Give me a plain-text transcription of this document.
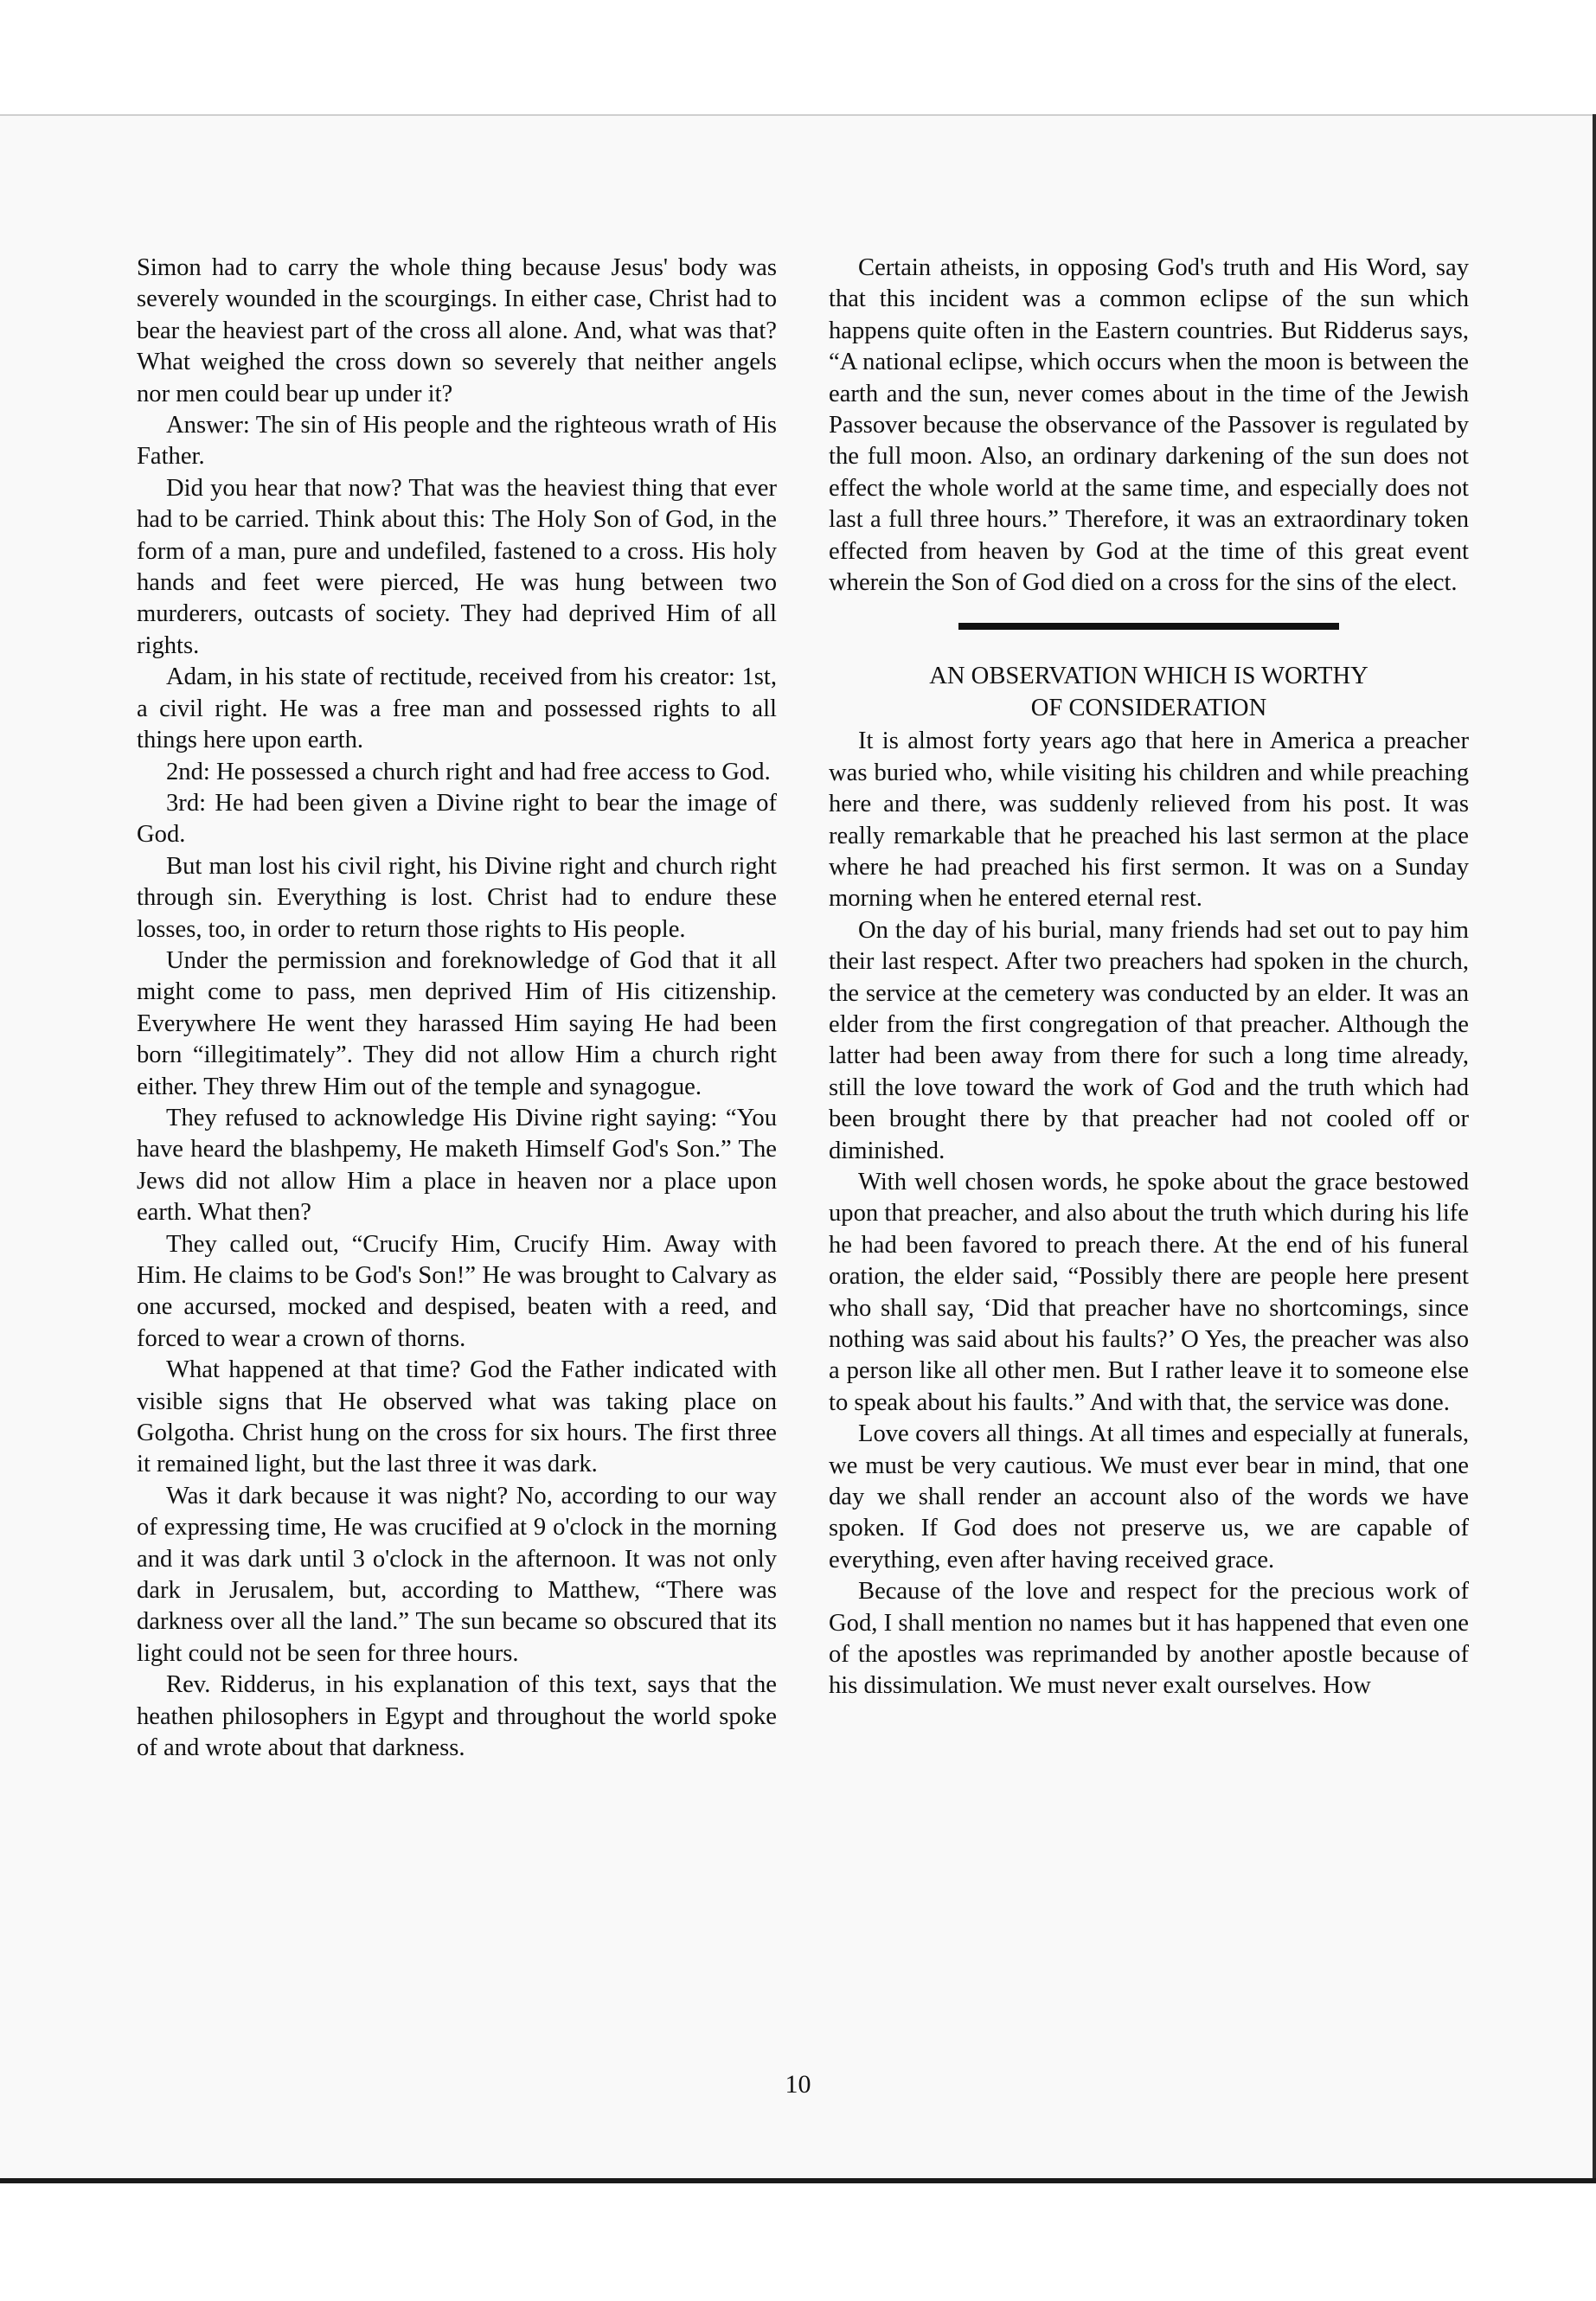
Simon had to carry the whole thing because Jesus' body was severely wounded in the scourgings. In either case, Christ had to bear the heaviest part of the cross all alone. And, what was that? What weighed the cross down so severely that neither angels nor men could bear up under it?

Answer: The sin of His people and the righteous wrath of His Father.

Did you hear that now? That was the heaviest thing that ever had to be carried. Think about this: The Holy Son of God, in the form of a man, pure and undefiled, fastened to a cross. His holy hands and feet were pierced, He was hung between two murderers, outcasts of society. They had deprived Him of all rights.

Adam, in his state of rectitude, received from his creator: 1st, a civil right. He was a free man and possessed rights to all things here upon earth.

2nd: He possessed a church right and had free access to God.

3rd: He had been given a Divine right to bear the image of God.

But man lost his civil right, his Divine right and church right through sin. Everything is lost. Christ had to endure these losses, too, in order to return those rights to His people.

Under the permission and foreknowledge of God that it all might come to pass, men deprived Him of His citizenship. Everywhere He went they harassed Him saying He had been born “illegitimately”. They did not allow Him a church right either. They threw Him out of the temple and synagogue.

They refused to acknowledge His Divine right saying: “You have heard the blashpemy, He maketh Himself God's Son.” The Jews did not allow Him a place in heaven nor a place upon earth. What then?

They called out, “Crucify Him, Crucify Him. Away with Him. He claims to be God's Son!” He was brought to Calvary as one accursed, mocked and despised, beaten with a reed, and forced to wear a crown of thorns.

What happened at that time? God the Father indicated with visible signs that He observed what was taking place on Golgotha. Christ hung on the cross for six hours. The first three it remained light, but the last three it was dark.

Was it dark because it was night? No, according to our way of expressing time, He was crucified at 9 o'clock in the morning and it was dark until 3 o'clock in the afternoon. It was not only dark in Jerusalem, but, according to Matthew, “There was darkness over all the land.” The sun became so obscured that its light could not be seen for three hours.

Rev. Ridderus, in his explanation of this text, says that the heathen philosophers in Egypt and throughout the world spoke of and wrote about that darkness.

Certain atheists, in opposing God's truth and His Word, say that this incident was a common eclipse of the sun which happens quite often in the Eastern countries. But Ridderus says, “A national eclipse, which occurs when the moon is between the earth and the sun, never comes about in the time of the Jewish Passover because the observance of the Passover is regulated by the full moon. Also, an ordinary darkening of the sun does not effect the whole world at the same time, and especially does not last a full three hours.” Therefore, it was an extraordinary token effected from heaven by God at the time of this great event wherein the Son of God died on a cross for the sins of the elect.

AN OBSERVATION WHICH IS WORTHY
OF CONSIDERATION

It is almost forty years ago that here in America a preacher was buried who, while visiting his children and while preaching here and there, was suddenly relieved from his post. It was really remarkable that he preached his last sermon at the place where he had preached his first sermon. It was on a Sunday morning when he entered eternal rest.

On the day of his burial, many friends had set out to pay him their last respect. After two preachers had spoken in the church, the service at the cemetery was conducted by an elder. It was an elder from the first congregation of that preacher. Although the latter had been away from there for such a long time already, still the love toward the work of God and the truth which had been brought there by that preacher had not cooled off or diminished.

With well chosen words, he spoke about the grace bestowed upon that preacher, and also about the truth which during his life he had been favored to preach there. At the end of his funeral oration, the elder said, “Possibly there are people here present who shall say, ‘Did that preacher have no shortcomings, since nothing was said about his faults?’ O Yes, the preacher was also a person like all other men. But I rather leave it to someone else to speak about his faults.” And with that, the service was done.

Love covers all things. At all times and especially at funerals, we must be very cautious. We must ever bear in mind, that one day we shall render an account also of the words we have spoken. If God does not preserve us, we are capable of everything, even after having received grace.

Because of the love and respect for the precious work of God, I shall mention no names but it has happened that even one of the apostles was reprimanded by another apostle because of his dissimulation. We must never exalt ourselves. How

10
